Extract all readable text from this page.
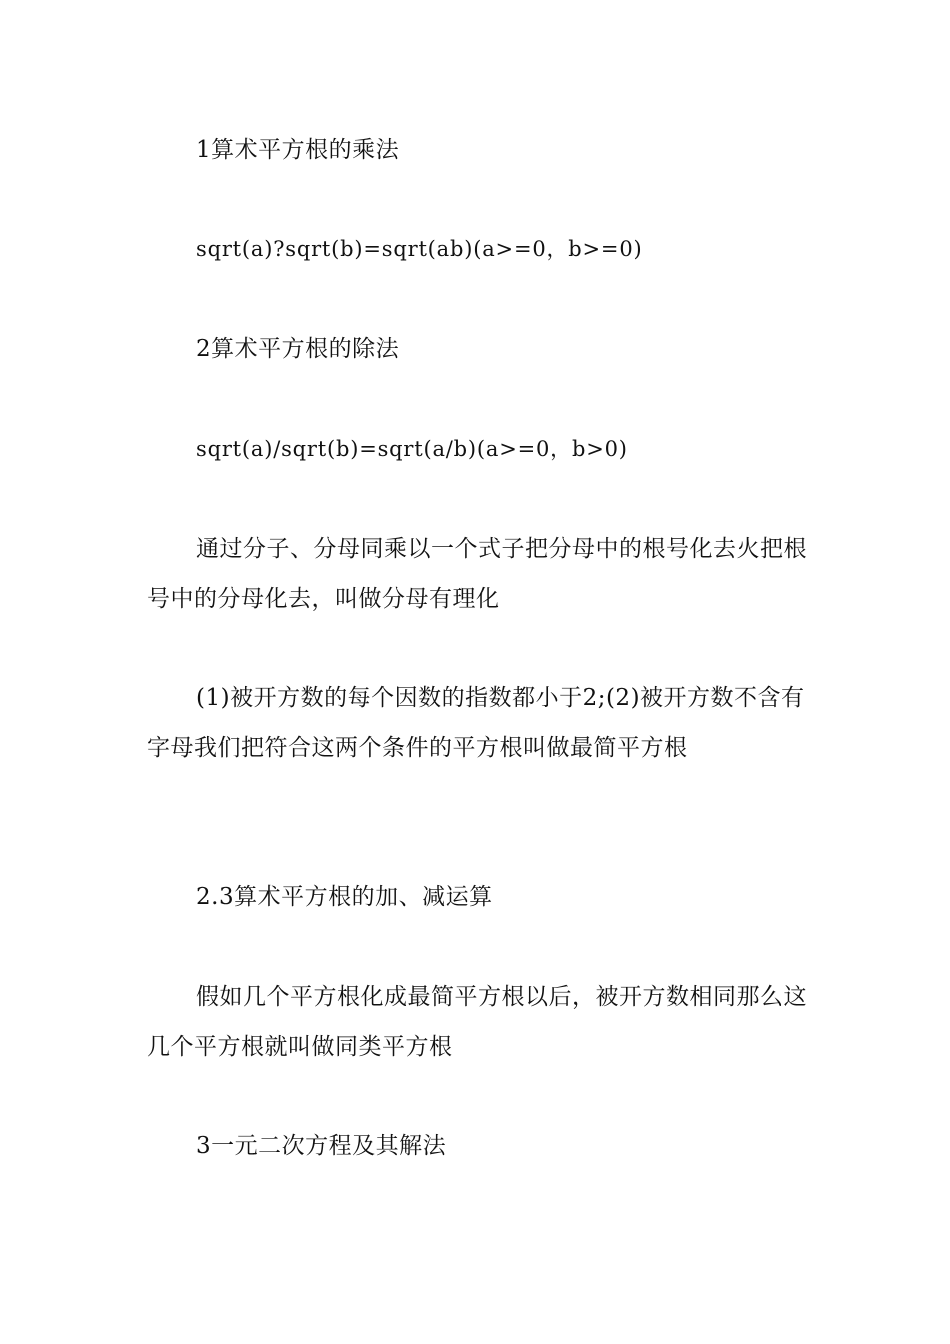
1算术平方根的乘法

sqrt(a)?sqrt(b)=sqrt(ab)(a>=0，b>=0)

2算术平方根的除法

sqrt(a)/sqrt(b)=sqrt(a/b)(a>=0，b>0)

通过分子、分母同乘以一个式子把分母中的根号化去火把根号中的分母化去，叫做分母有理化

(1)被开方数的每个因数的指数都小于2;(2)被开方数不含有字母我们把符合这两个条件的平方根叫做最简平方根

2.3算术平方根的加、减运算

假如几个平方根化成最简平方根以后，被开方数相同那么这几个平方根就叫做同类平方根

3一元二次方程及其解法
